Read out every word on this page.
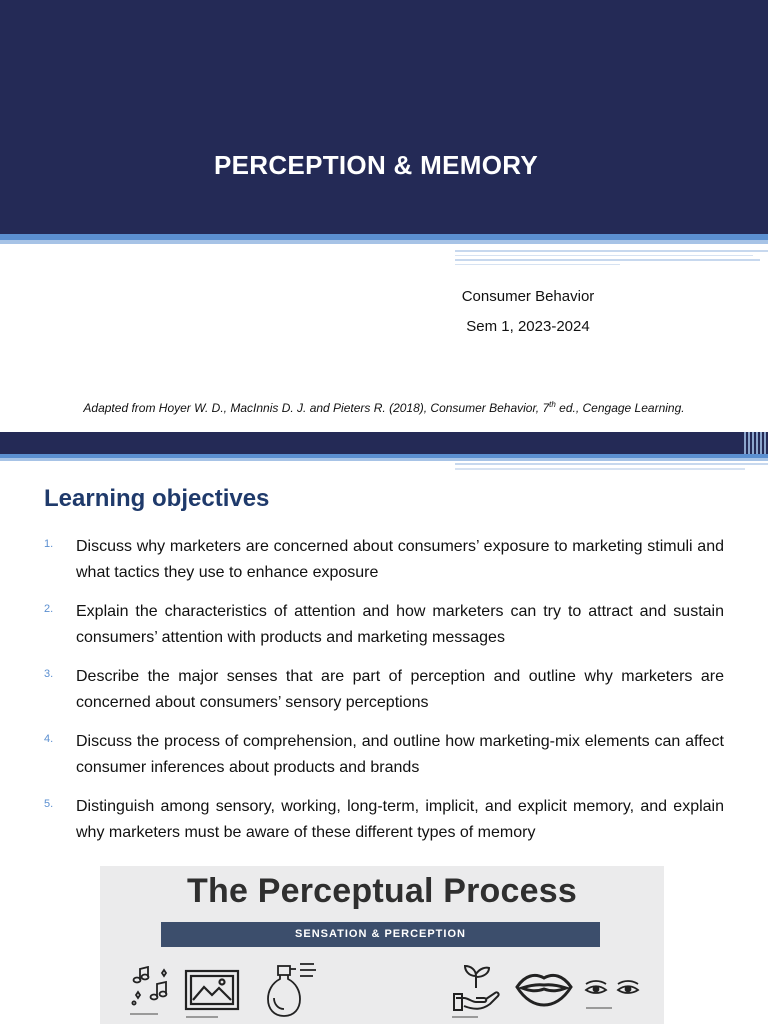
PERCEPTION & MEMORY
Consumer Behavior
Sem 1, 2023-2024
Adapted from Hoyer W. D., MacInnis D. J. and Pieters R. (2018), Consumer Behavior, 7th ed., Cengage Learning.
Learning objectives
1.	Discuss why marketers are concerned about consumers’ exposure to marketing stimuli and what tactics they use to enhance exposure
2.	Explain the characteristics of attention and how marketers can try to attract and sustain consumers’ attention with products and marketing messages
3.	Describe the major senses that are part of perception and outline why marketers are concerned about consumers’ sensory perceptions
4.	Discuss the process of comprehension, and outline how marketing-mix elements can affect consumer inferences about products and brands
5.	Distinguish among sensory, working, long-term, implicit, and explicit memory, and explain why marketers must be aware of these different types of memory
The Perceptual Process
SENSATION & PERCEPTION
